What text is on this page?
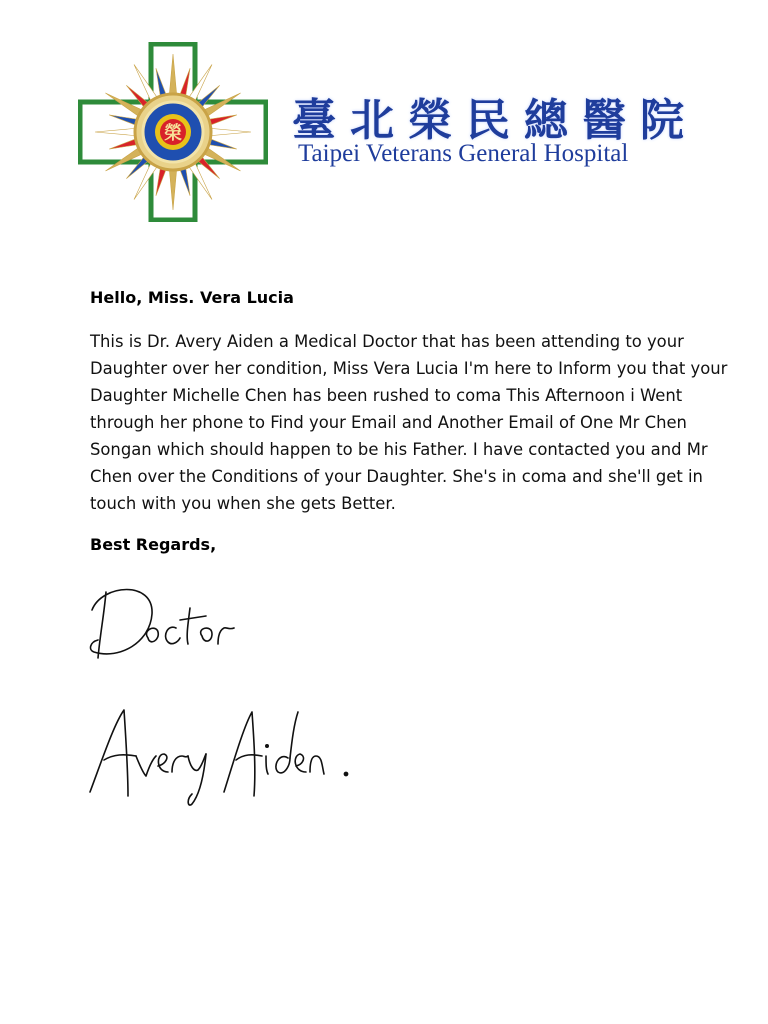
榮	臺北榮民總醫院
Taipei Veterans General Hospital
Hello, Miss. Vera Lucia

This is Dr. Avery Aiden a Medical Doctor that has been attending to your Daughter over her condition, Miss Vera Lucia I'm here to Inform you that your Daughter Michelle Chen has been rushed to coma This Afternoon i Went through her phone to Find your Email and Another Email of One Mr Chen Songan which should happen to be his Father. I have contacted you and Mr Chen over the Conditions of your Daughter. She's in coma and she'll get in touch with you when she gets Better.

Best Regards,
